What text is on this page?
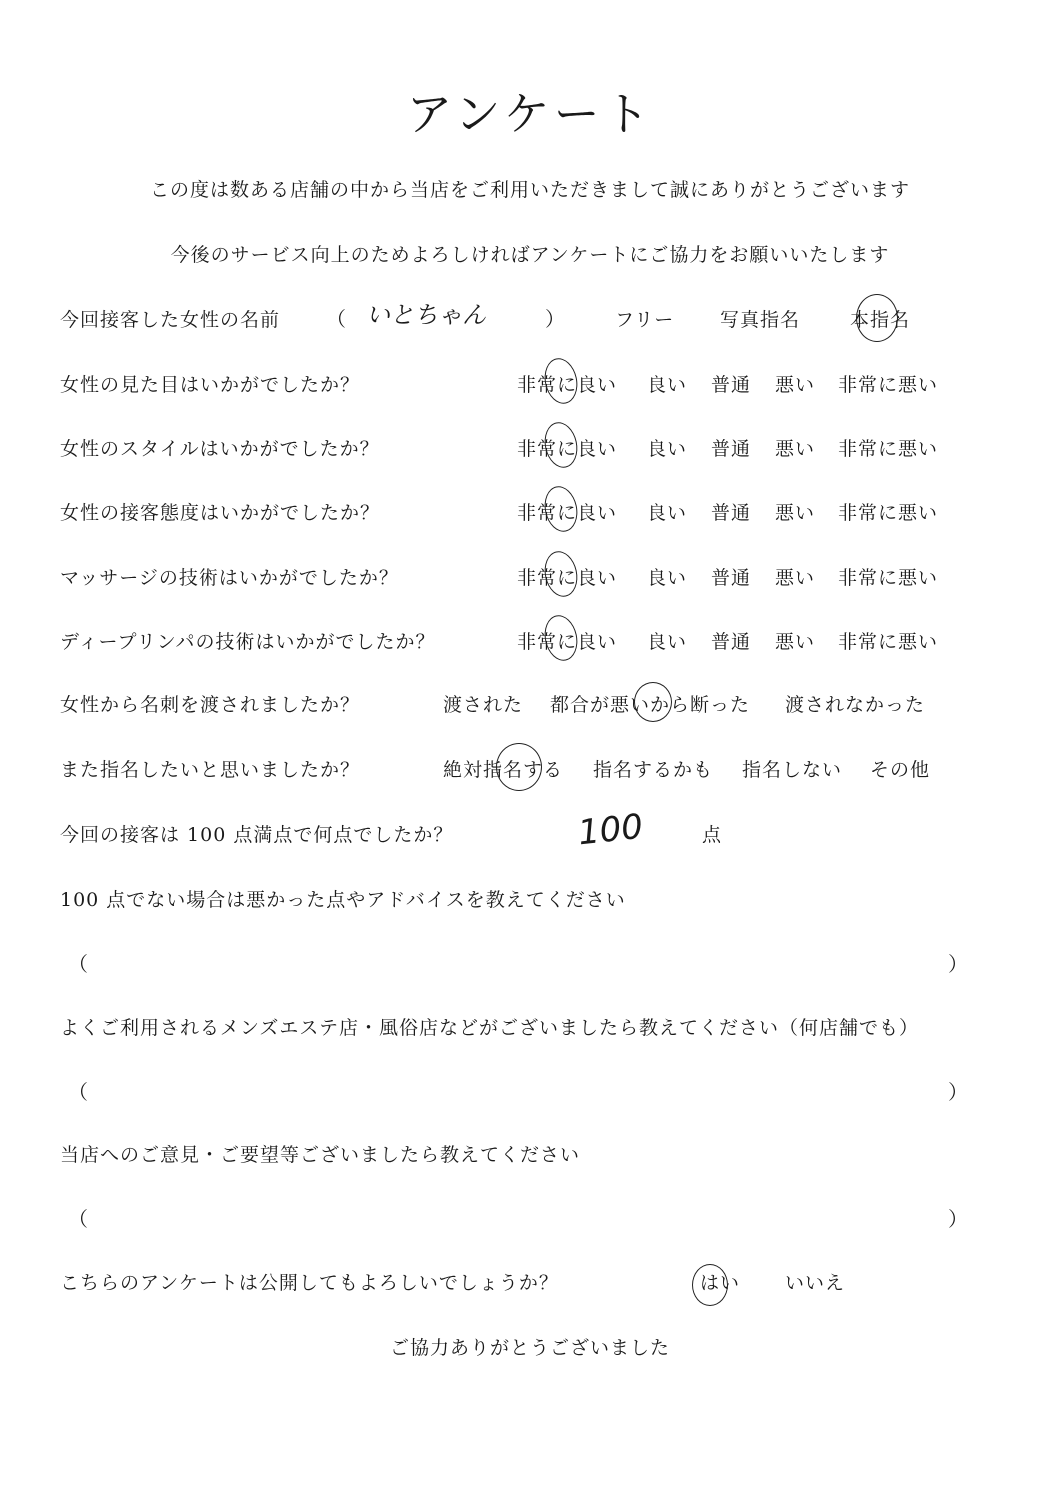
アンケート
この度は数ある店舗の中から当店をご利用いただきまして誠にありがとうございます
今後のサービス向上のためよろしければアンケートにご協力をお願いいたします
今回接客した女性の名前 （ いとちゃん	）	フリー 写真指名	本指名
女性の見た目はいかがでしたか？	非常に良い 良い 普通 悪い 非常に悪い
女性のスタイルはいかがでしたか？	非常に良い 良い 普通 悪い 非常に悪い
女性の接客態度はいかがでしたか？	非常に良い 良い 普通 悪い 非常に悪い
マッサージの技術はいかがでしたか？	非常に良い 良い 普通 悪い 非常に悪い
ディープリンパの技術はいかがでしたか？	非常に良い 良い 普通 悪い 非常に悪い
女性から名刺を渡されましたか？	渡された 都合が悪いから断った 渡されなかった
また指名したいと思いましたか？	絶対指名する 指名するかも 指名しない その他
今回の接客は 100 点満点で何点でしたか？	100	点
100 点でない場合は悪かった点やアドバイスを教えてください
（	）
よくご利用されるメンズエステ店・風俗店などがございましたら教えてください（何店舗でも）
（	）
当店へのご意見・ご要望等ございましたら教えてください
（	）
こちらのアンケートは公開してもよろしいでしょうか？	はい いいえ
ご協力ありがとうございました
